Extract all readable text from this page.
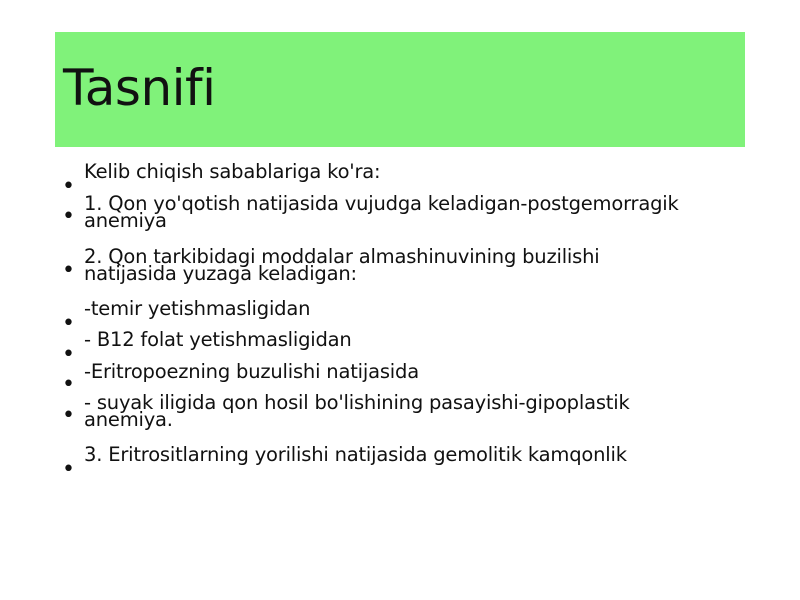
Tasnifi
•
Kelib chiqish sabablariga ko'ra:
•
1. Qon yo'qotish natijasida vujudga keladigan-postgemorragik
anemiya
•
2. Qon tarkibidagi moddalar almashinuvining buzilishi
natijasida yuzaga keladigan:
•
-temir yetishmasligidan
•
- B12 folat yetishmasligidan
•
-Eritropoezning buzulishi natijasida
•
- suyak iligida qon hosil bo'lishining pasayishi-gipoplastik
anemiya.
•
3. Eritrositlarning yorilishi natijasida gemolitik kamqonlik
